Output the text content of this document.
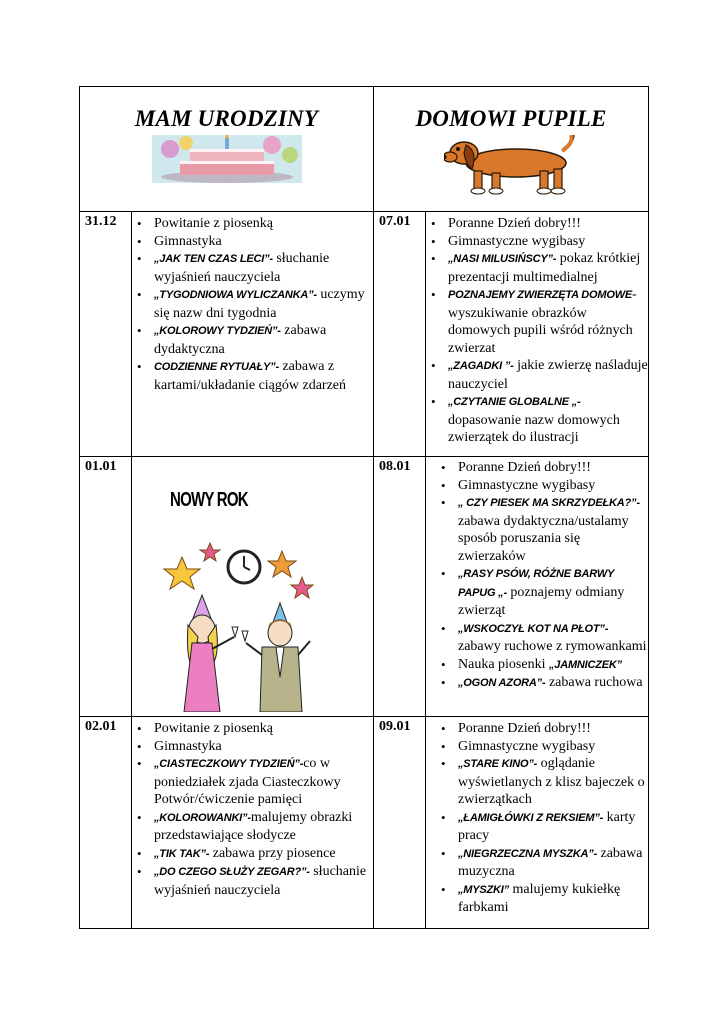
MAM URODZINY	DOMOWI PUPILE
31.12	• Powitanie z piosenką
• Gimnastyka
• „JAK TEN CZAS LECI”- słuchanie wyjaśnień nauczyciela
• „TYGODNIOWA WYLICZANKA”- uczymy się nazw dni tygodnia
• „KOLOROWY TYDZIEŃ”- zabawa dydaktyczna
• CODZIENNE RYTUAŁY”- zabawa z kartami/układanie ciągów zdarzeń
07.01	• Poranne Dzień dobry!!!
• Gimnastyczne wygibasy
• „NASI MILUSIŃSCY”- pokaz krótkiej prezentacji multimedialnej
• POZNAJEMY ZWIERZĘTA DOMOWE-wyszukiwanie obrazków domowych pupili wśród różnych zwierzat
• „ZAGADKI ”- jakie zwierzę naśladuje nauczyciel
• „CZYTANIE GLOBALNE „- dopasowanie nazw domowych zwierzątek do ilustracji
01.01
NOWY ROK
08.01	• Poranne Dzień dobry!!!
• Gimnastyczne wygibasy
• „ CZY PIESEK MA SKRZYDEŁKA?”- zabawa dydaktyczna/ustalamy sposób poruszania się zwierzaków
• „RASY PSÓW, RÓŻNE BARWY PAPUG „- poznajemy odmiany zwierząt
• „WSKOCZYŁ KOT NA PŁOT”- zabawy ruchowe z rymowankami
• Nauka piosenki „JAMNICZEK”
• „OGON AZORA”- zabawa ruchowa
02.01	• Powitanie z piosenką
• Gimnastyka
• „CIASTECZKOWY TYDZIEŃ”-co w poniedziałek zjada Ciasteczkowy Potwór/ćwiczenie pamięci
• „KOLOROWANKI”-malujemy obrazki przedstawiające słodycze
• „TIK TAK”- zabawa przy piosence
• „DO CZEGO SŁUŻY ZEGAR?”- słuchanie wyjaśnień nauczyciela
09.01	• Poranne Dzień dobry!!!
• Gimnastyczne wygibasy
• „STARE KINO”- oglądanie wyświetlanych z klisz bajeczek o zwierzątkach
• „ŁAMIGŁÓWKI Z REKSIEM”- karty pracy
• „NIEGRZECZNA MYSZKA”- zabawa muzyczna
• „MYSZKI” malujemy kukiełkę farbkami
